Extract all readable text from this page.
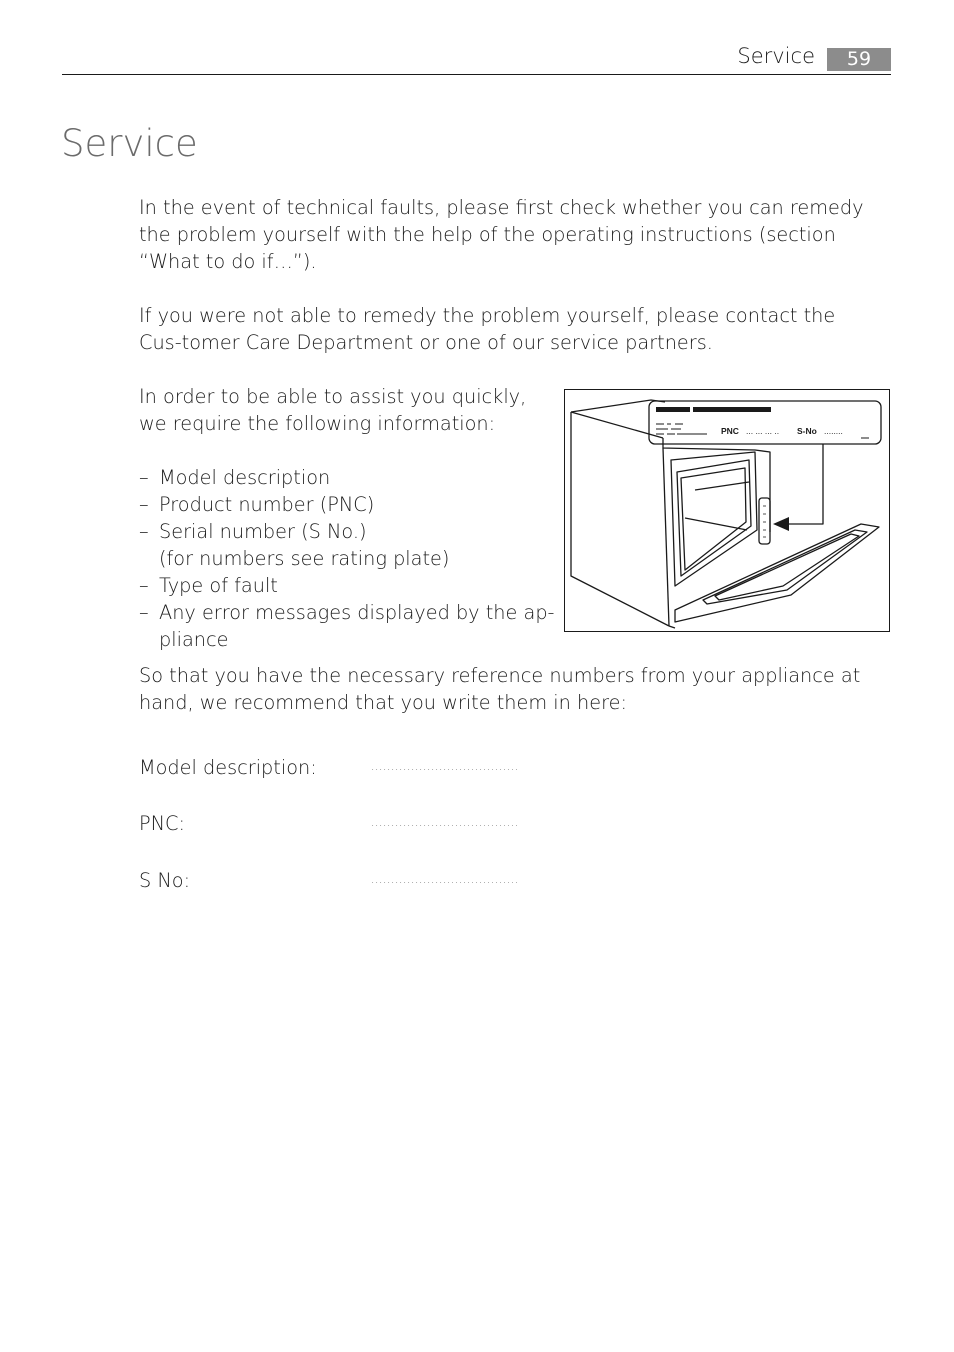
Service	59
Service

In the event of technical faults, please first check whether you can remedy the problem yourself with the help of the operating instructions (section “What to do if…”).

If you were not able to remedy the problem yourself, please contact the Cus-tomer Care Department or one of our service partners.

In order to be able to assist you quickly, we require the following information:

– Model description
– Product number (PNC)
– Serial number (S No.)
(for numbers see rating plate)
– Type of fault
– Any error messages displayed by the ap-pliance

So that you have the necessary reference numbers from your appliance at hand, we recommend that you write them in here:

Model description:	.....................................
PNC:	.....................................
S No:	.....................................
PNC ... ... ... .. S-No ........
